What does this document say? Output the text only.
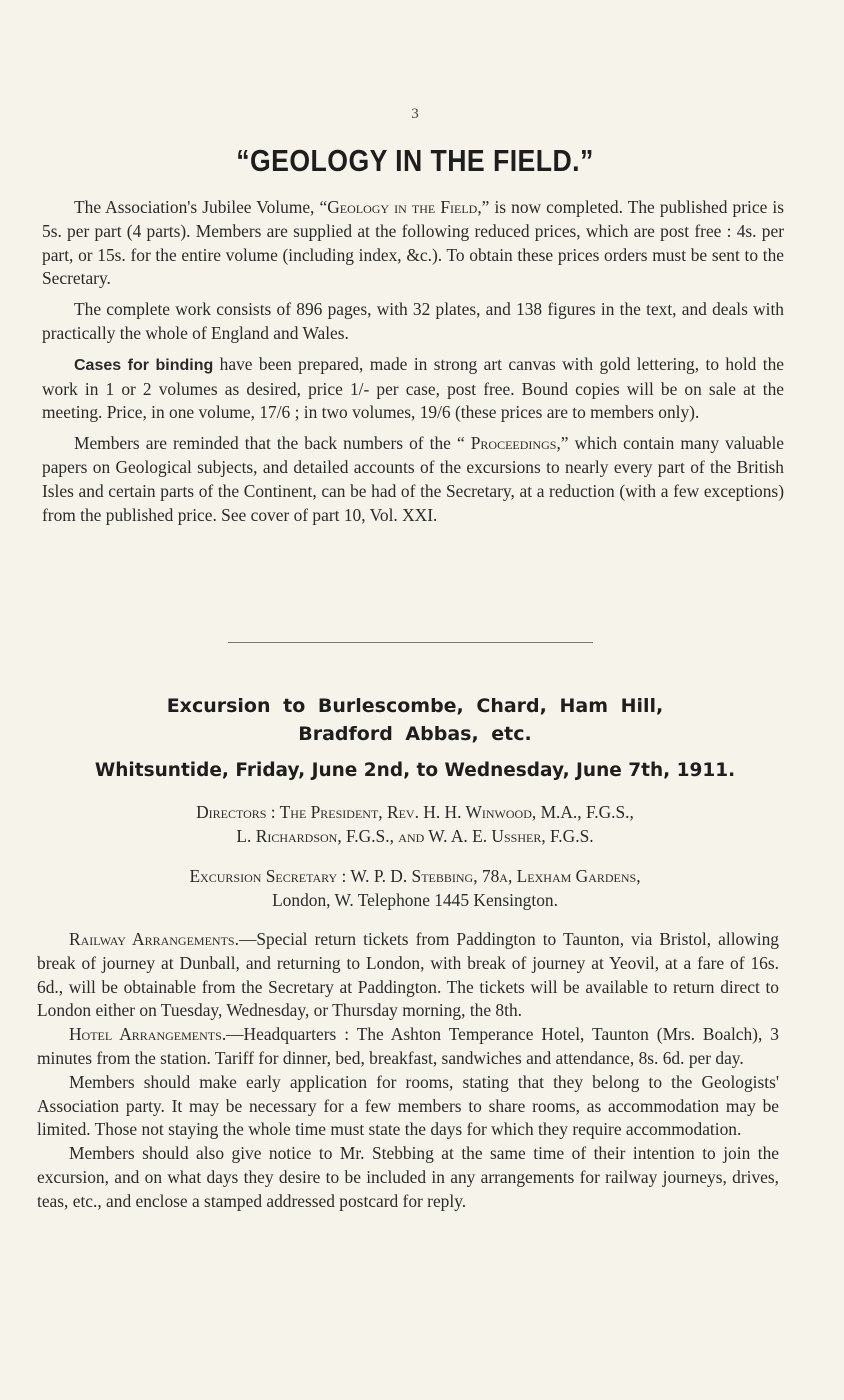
3
“GEOLOGY IN THE FIELD.”

The Association's Jubilee Volume, “Geology in the Field,” is now completed. The published price is 5s. per part (4 parts). Members are supplied at the following reduced prices, which are post free : 4s. per part, or 15s. for the entire volume (including index, &c.). To obtain these prices orders must be sent to the Secretary.

The complete work consists of 896 pages, with 32 plates, and 138 figures in the text, and deals with practically the whole of England and Wales.

Cases for binding have been prepared, made in strong art canvas with gold lettering, to hold the work in 1 or 2 volumes as desired, price 1/- per case, post free. Bound copies will be on sale at the meeting. Price, in one volume, 17/6 ; in two volumes, 19/6 (these prices are to members only).

Members are reminded that the back numbers of the “ Proceedings,” which contain many valuable papers on Geological subjects, and detailed accounts of the excursions to nearly every part of the British Isles and certain parts of the Continent, can be had of the Secretary, at a reduction (with a few exceptions) from the published price. See cover of part 10, Vol. XXI.

Excursion to Burlescombe, Chard, Ham Hill,
Bradford Abbas, etc.
Whitsuntide, Friday, June 2nd, to Wednesday, June 7th, 1911.
Directors : The President, Rev. H. H. Winwood, M.A., F.G.S.,
L. Richardson, F.G.S., and W. A. E. Ussher, F.G.S.
Excursion Secretary : W. P. D. Stebbing, 78a, Lexham Gardens,
London, W. Telephone 1445 Kensington.

Railway Arrangements.—Special return tickets from Paddington to Taunton, via Bristol, allowing break of journey at Dunball, and returning to London, with break of journey at Yeovil, at a fare of 16s. 6d., will be obtainable from the Secretary at Paddington. The tickets will be available to return direct to London either on Tuesday, Wednesday, or Thursday morning, the 8th.

Hotel Arrangements.—Headquarters : The Ashton Temperance Hotel, Taunton (Mrs. Boalch), 3 minutes from the station. Tariff for dinner, bed, breakfast, sandwiches and attendance, 8s. 6d. per day.

Members should make early application for rooms, stating that they belong to the Geologists' Association party. It may be necessary for a few members to share rooms, as accommodation may be limited. Those not staying the whole time must state the days for which they require accommodation.

Members should also give notice to Mr. Stebbing at the same time of their intention to join the excursion, and on what days they desire to be included in any arrangements for railway journeys, drives, teas, etc., and enclose a stamped addressed postcard for reply.
